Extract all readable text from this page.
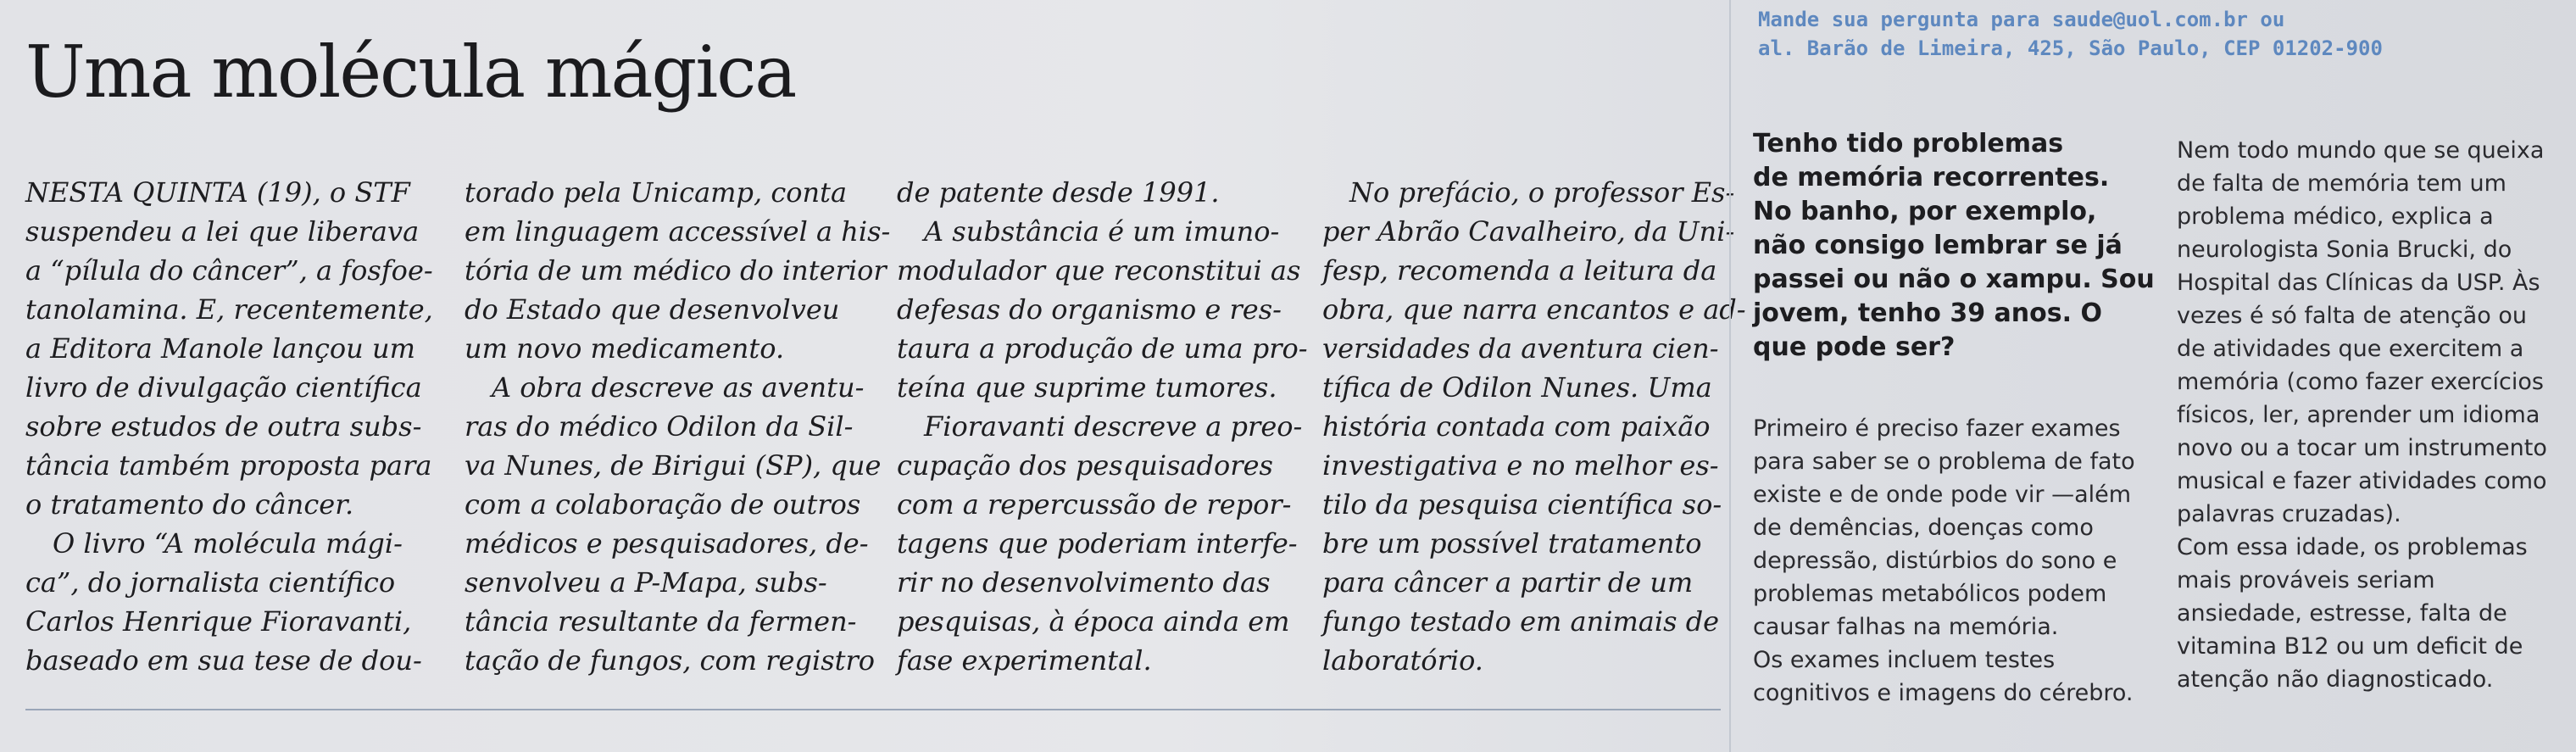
Uma molécula mágica
NESTA QUINTA (19), o STF
suspendeu a lei que liberava
a “pílula do câncer”, a fosfoe-
tanolamina. E, recentemente,
a Editora Manole lançou um
livro de divulgação científica
sobre estudos de outra subs-
tância também proposta para
o tratamento do câncer.
O livro “A molécula mági-
ca”, do jornalista científico
Carlos Henrique Fioravanti,
baseado em sua tese de dou-
torado pela Unicamp, conta
em linguagem accessível a his-
tória de um médico do interior
do Estado que desenvolveu
um novo medicamento.
A obra descreve as aventu-
ras do médico Odilon da Sil-
va Nunes, de Birigui (SP), que
com a colaboração de outros
médicos e pesquisadores, de-
senvolveu a P-Mapa, subs-
tância resultante da fermen-
tação de fungos, com registro
de patente desde 1991.
A substância é um imuno-
modulador que reconstitui as
defesas do organismo e res-
taura a produção de uma pro-
teína que suprime tumores.
Fioravanti descreve a preo-
cupação dos pesquisadores
com a repercussão de repor-
tagens que poderiam interfe-
rir no desenvolvimento das
pesquisas, à época ainda em
fase experimental.
No prefácio, o professor Es-
per Abrão Cavalheiro, da Uni-
fesp, recomenda a leitura da
obra, que narra encantos e ad-
versidades da aventura cien-
tífica de Odilon Nunes. Uma
história contada com paixão
investigativa e no melhor es-
tilo da pesquisa científica so-
bre um possível tratamento
para câncer a partir de um
fungo testado em animais de
laboratório.
Mande sua pergunta para saude@uol.com.br ou
al. Barão de Limeira, 425, São Paulo, CEP 01202-900
Tenho tido problemas
de memória recorrentes.
No banho, por exemplo,
não consigo lembrar se já
passei ou não o xampu. Sou
jovem, tenho 39 anos. O
que pode ser?
Primeiro é preciso fazer exames
para saber se o problema de fato
existe e de onde pode vir —além
de demências, doenças como
depressão, distúrbios do sono e
problemas metabólicos podem
causar falhas na memória.
Os exames incluem testes
cognitivos e imagens do cérebro.
Nem todo mundo que se queixa
de falta de memória tem um
problema médico, explica a
neurologista Sonia Brucki, do
Hospital das Clínicas da USP. Às
vezes é só falta de atenção ou
de atividades que exercitem a
memória (como fazer exercícios
físicos, ler, aprender um idioma
novo ou a tocar um instrumento
musical e fazer atividades como
palavras cruzadas).
Com essa idade, os problemas
mais prováveis seriam
ansiedade, estresse, falta de
vitamina B12 ou um deficit de
atenção não diagnosticado.
